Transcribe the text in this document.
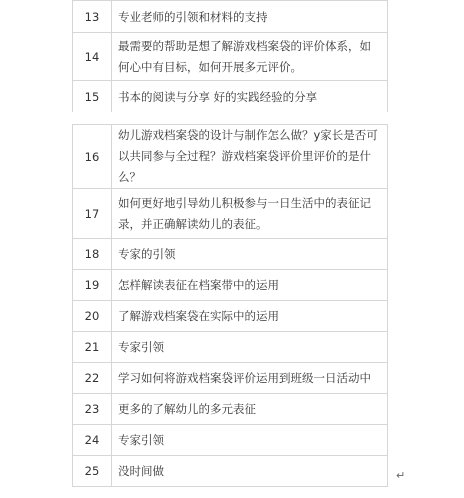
13	专业老师的引领和材料的支持
14	最需要的帮助是想了解游戏档案袋的评价体系，如何心中有目标，如何开展多元评价。
15	书本的阅读与分享 好的实践经验的分享
16	幼儿游戏档案袋的设计与制作怎么做？y家长是否可以共同参与全过程？游戏档案袋评价里评价的是什么？
17	如何更好地引导幼儿积极参与一日生活中的表征记录，并正确解读幼儿的表征。
18	专家的引领
19	怎样解读表征在档案带中的运用
20	了解游戏档案袋在实际中的运用
21	专家引领
22	学习如何将游戏档案袋评价运用到班级一日活动中
23	更多的了解幼儿的多元表征
24	专家引领
25	没时间做	↵
